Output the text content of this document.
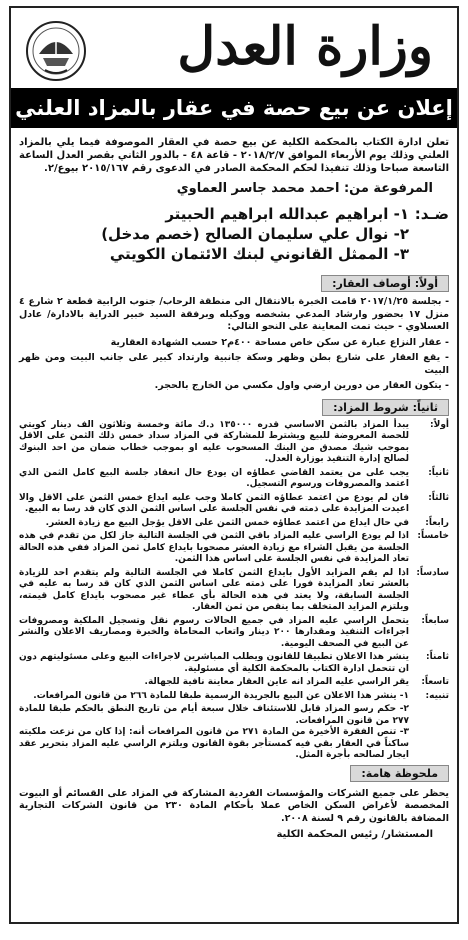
وزارة العدل
إعلان عن بيع حصة في عقار بالمزاد العلني
تعلن ادارة الكتاب بالمحكمة الكلية عن بيع حصة في العقار الموصوفة فيما يلي بالمزاد العلني وذلك يوم الأربعاء الموافق ٢٠١٨/٢/٧ - قاعة ٤٨ - بالدور الثاني بقصر العدل الساعة التاسعة صباحا وذلك تنفيذا لحكم المحكمة الصادر في الدعوى رقم ٢٠١٥/١٦٧ بيوع/٢.
المرفوعة من: احمد محمد جاسر العماوي
ضـد:١- ابراهيم عبدالله ابراهيم الحبيتر
٢- نوال علي سليمان الصالح (خصم مدخل)
٣- الممثل القانوني لبنك الائتمان الكويتي
أولاً: أوصاف العقار:
- بجلسة ٢٠١٧/١/٢٥ قامت الخبرة بالانتقال الى منطقة الرحاب/ جنوب الرابية قطعة ٢ شارع ٤ منزل ١٧ بحضور وارشاد المدعي بشخصه ووكيله وبرفقة السيد خبير الدراية بالادارة/ عادل العسلاوي - حيث تمت المعاينة على النحو التالي:
- عقار النزاع عبارة عن سكن خاص مساحة ٤٠٠م٢ حسب الشهادة العقارية
- يقع العقار على شارع بطن وظهر وسكة جانبية وارتداد كبير على جانب البيت ومن ظهر البيت
- يتكون العقار من دورين ارضي واول مكسي من الخارج بالحجر.
ثانياً: شروط المزاد:
أولاً:
يبدأ المزاد بالثمن الاساسي قدره ١٣٥٠٠٠ د.ك مائة وخمسة وثلاثون الف دينار كويتي للحصة المعروضة للبيع ويشترط للمشاركة في المزاد سداد خمس ذلك الثمن على الاقل بموجب شيك مصدق من البنك المسحوب عليه او بموجب خطاب ضمان من احد البنوك لصالح إدارة التنفيذ بوزارة العدل.
ثانياً:
يجب على من يعتمد القاضي عطاؤه ان يودع حال انعقاد جلسة البيع كامل الثمن الذي اعتمد والمصروفات ورسوم التسجيل.
ثالثاً:
فان لم يودع من اعتمد عطاؤه الثمن كاملا وجب عليه ايداع خمس الثمن على الاقل والا اعيدت المزايدة على ذمته في نفس الجلسة على اساس الثمن الذي كان قد رسا به البيع.
رابعاً:
في حال ايداع من اعتمد عطاؤه خمس الثمن على الاقل يؤجل البيع مع زيادة العشر.
خامساً:
اذا لم يودع الراسي عليه المزاد باقي الثمن في الجلسة التالية جاز لكل من تقدم في هذه الجلسة من يقبل الشراء مع زيادة العشر مصحوبا بايداع كامل ثمن المزاد ففي هذه الحالة تعاد المزايدة في نفس الجلسة على اساس هذا الثمن.
سادساً:
اذا لم يقم المزايد الأول بايداع الثمن كاملا في الجلسة التالية ولم يتقدم احد للزيادة بالعشر تعاد المزايدة فورا على ذمته على اساس الثمن الذي كان قد رسا به عليه في الجلسة السابقة، ولا يعتد في هذه الحالة بأي عطاء غير مصحوب بايداع كامل قيمته، ويلتزم المزايد المتخلف بما ينقص من ثمن العقار.
سابعاً:
يتحمل الراسي عليه المزاد في جميع الحالات رسوم نقل وتسجيل الملكية ومصروفات اجراءات التنفيذ ومقدارها ٢٠٠ دينار واتعاب المحاماة والخبرة ومصاريف الاعلان والنشر عن البيع في الصحف اليومية.
ثامناً:
ينشر هذا الاعلان تطبيقا للقانون ويطلب المباشرين لاجراءات البيع وعلى مسئوليتهم دون ان تتحمل ادارة الكتاب بالمحكمة الكلية أي مسئولية.
تاسعاً:
يقر الراسي عليه المزاد انه عاين العقار معاينة نافية للجهالة.
تنبيه:
١- ينشر هذا الاعلان عن البيع بالجريدة الرسمية طبقا للمادة ٢٦٦ من قانون المرافعات.
٢- حكم رسو المزاد قابل للاستئناف خلال سبعة أيام من تاريخ النطق بالحكم طبقا للمادة ٢٧٧ من قانون المرافعات.
٣- تنص الفقرة الأخيرة من المادة ٢٧١ من قانون المرافعات أنه: إذا كان من نزعت ملكيته ساكناً في العقار بقي فيه كمستأجر بقوة القانون ويلتزم الراسي عليه المزاد بتحرير عقد ايجار لصالحه بأجرة المثل.
ملحوظة هامة:
يحظر على جميع الشركات والمؤسسات الفردية المشاركة في المزاد على القسائم أو البيوت المخصصة لأغراض السكن الخاص عملا بأحكام المادة ٢٣٠ من قانون الشركات التجارية المضافة بالقانون رقم ٩ لسنة ٢٠٠٨.
المستشار/ رئيس المحكمة الكلية
